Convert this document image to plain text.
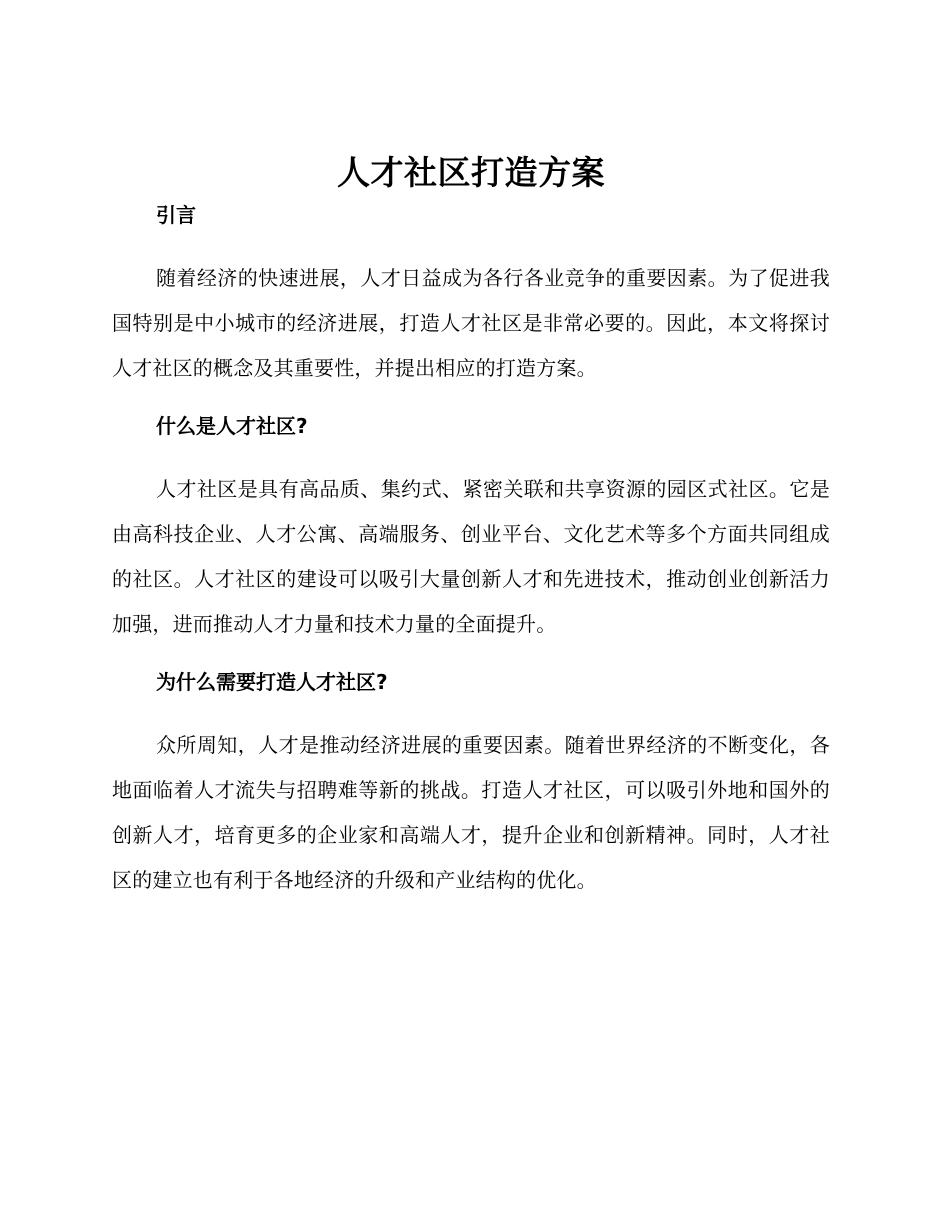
人才社区打造方案
引言

随着经济的快速进展，人才日益成为各行各业竞争的重要因素。为了促进我国特别是中小城市的经济进展，打造人才社区是非常必要的。因此，本文将探讨人才社区的概念及其重要性，并提出相应的打造方案。

什么是人才社区?

人才社区是具有高品质、集约式、紧密关联和共享资源的园区式社区。它是由高科技企业、人才公寓、高端服务、创业平台、文化艺术等多个方面共同组成的社区。人才社区的建设可以吸引大量创新人才和先进技术，推动创业创新活力加强，进而推动人才力量和技术力量的全面提升。

为什么需要打造人才社区?

众所周知，人才是推动经济进展的重要因素。随着世界经济的不断变化，各地面临着人才流失与招聘难等新的挑战。打造人才社区，可以吸引外地和国外的创新人才，培育更多的企业家和高端人才，提升企业和创新精神。同时，人才社区的建立也有利于各地经济的升级和产业结构的优化。
